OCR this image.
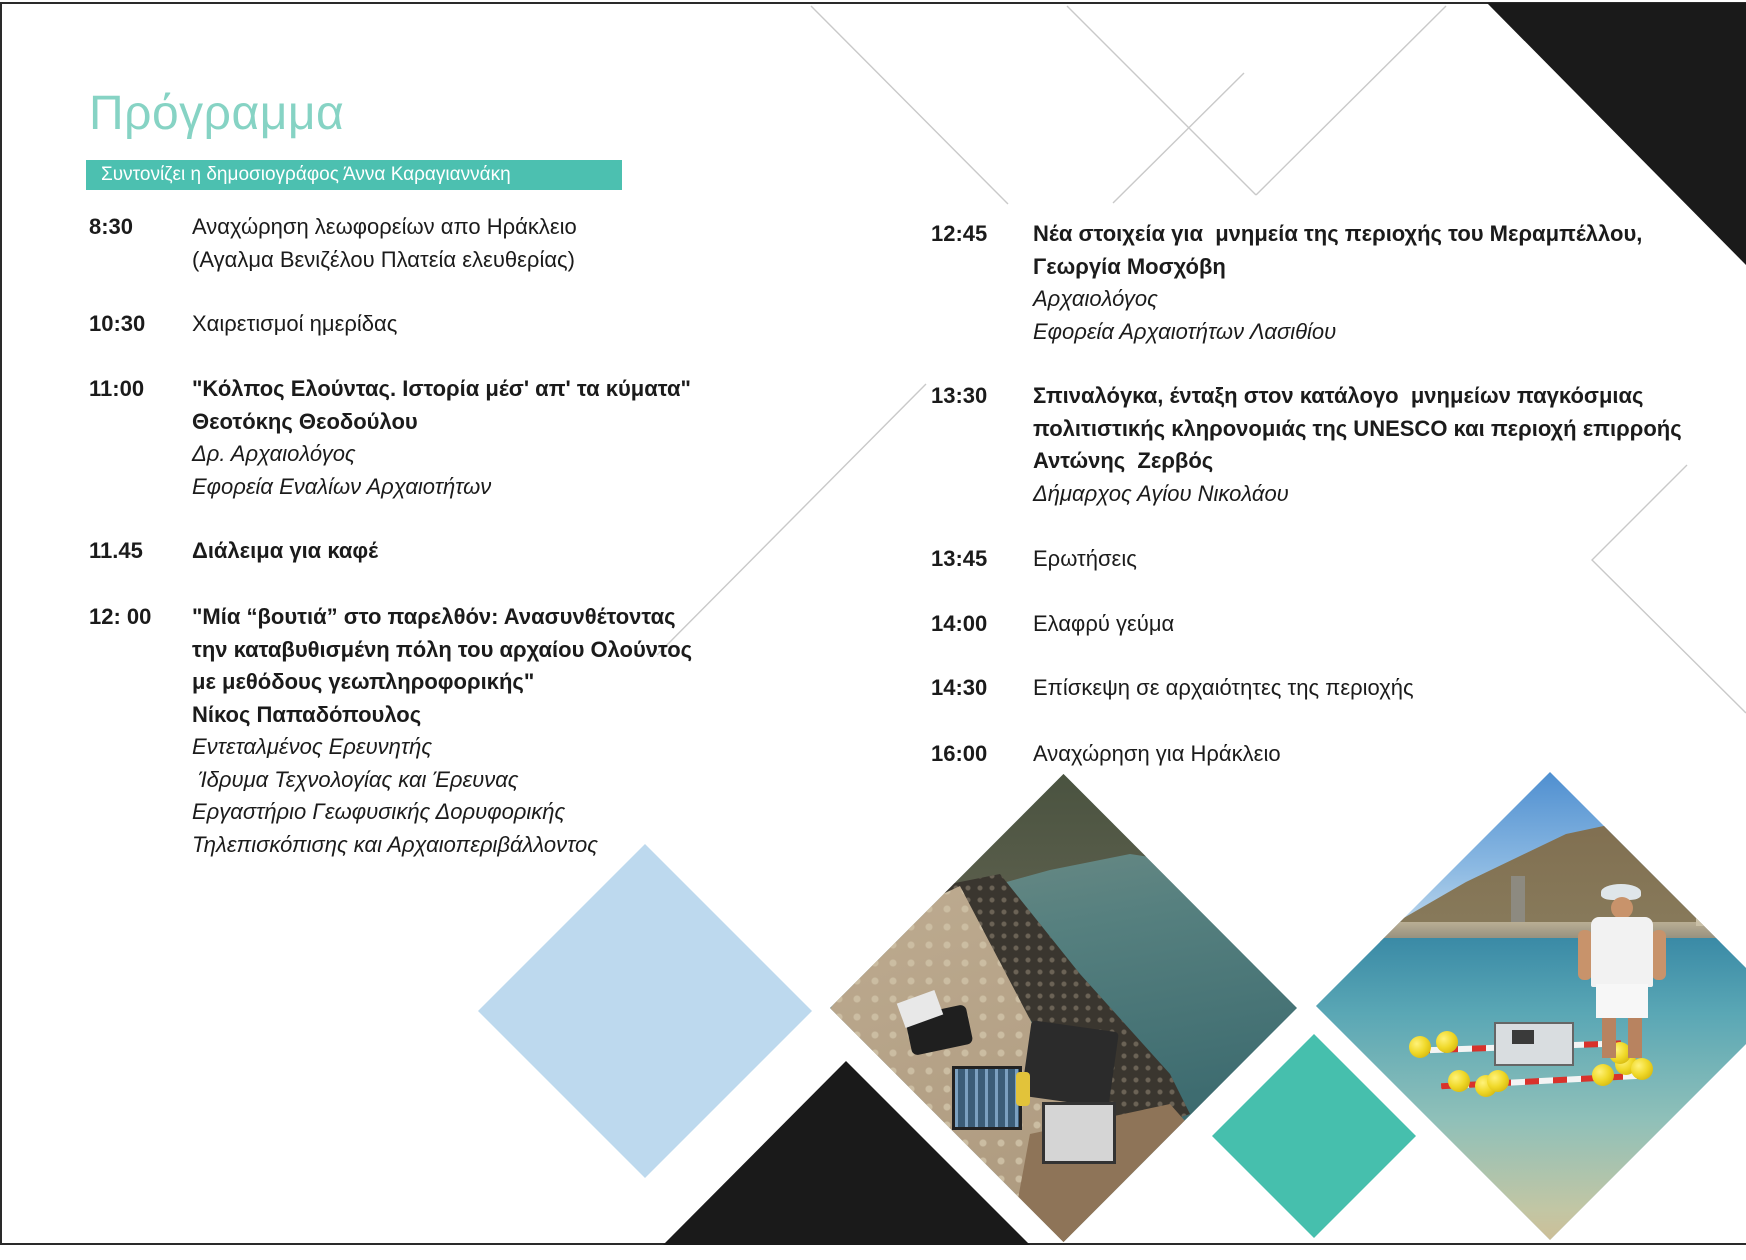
Πρόγραμμα
Συντονίζει η δημοσιογράφος Άννα Καραγιαννάκη
8:30	Αναχώρηση λεωφορείων απο Ηράκλειο
(Αγαλμα Βενιζέλου Πλατεία ελευθερίας)
10:30 Χαιρετισμοί ημερίδας
11:00 "Κόλπος Ελούντας. Ιστορία μέσ' απ' τα κύματα"
Θεοτόκης Θεοδούλου
Δρ. Αρχαιολόγος
Εφορεία Εναλίων Αρχαιοτήτων
11.45 Διάλειμα για καφέ
12: 00 "Μία “βουτιά” στο παρελθόν: Ανασυνθέτοντας
την καταβυθισμένη πόλη του αρχαίου Ολούντος
με μεθόδους γεωπληροφορικής"
Νίκος Παπαδόπουλος
Εντεταλμένος Ερευνητής
Ίδρυμα Τεχνολογίας και Έρευνας
Εργαστήριο Γεωφυσικής Δορυφορικής
Τηλεπισκόπισης και Αρχαιοπεριβάλλοντος
12:45 Νέα στοιχεία για  μνημεία της περιοχής του Μεραμπέλλου,
Γεωργία Μοσχόβη
Αρχαιολόγος
Εφορεία Αρχαιοτήτων Λασιθίου
13:30 Σπιναλόγκα, ένταξη στον κατάλογο  μνημείων παγκόσμιας
πολιτιστικής κληρονομιάς της UNESCO και περιοχή επιρροής
Αντώνης  Ζερβός
Δήμαρχος Αγίου Νικολάου
13:45 Ερωτήσεις
14:00 Ελαφρύ γεύμα
14:30 Επίσκεψη σε αρχαιότητες της περιοχής
16:00 Αναχώρηση για Ηράκλειο
